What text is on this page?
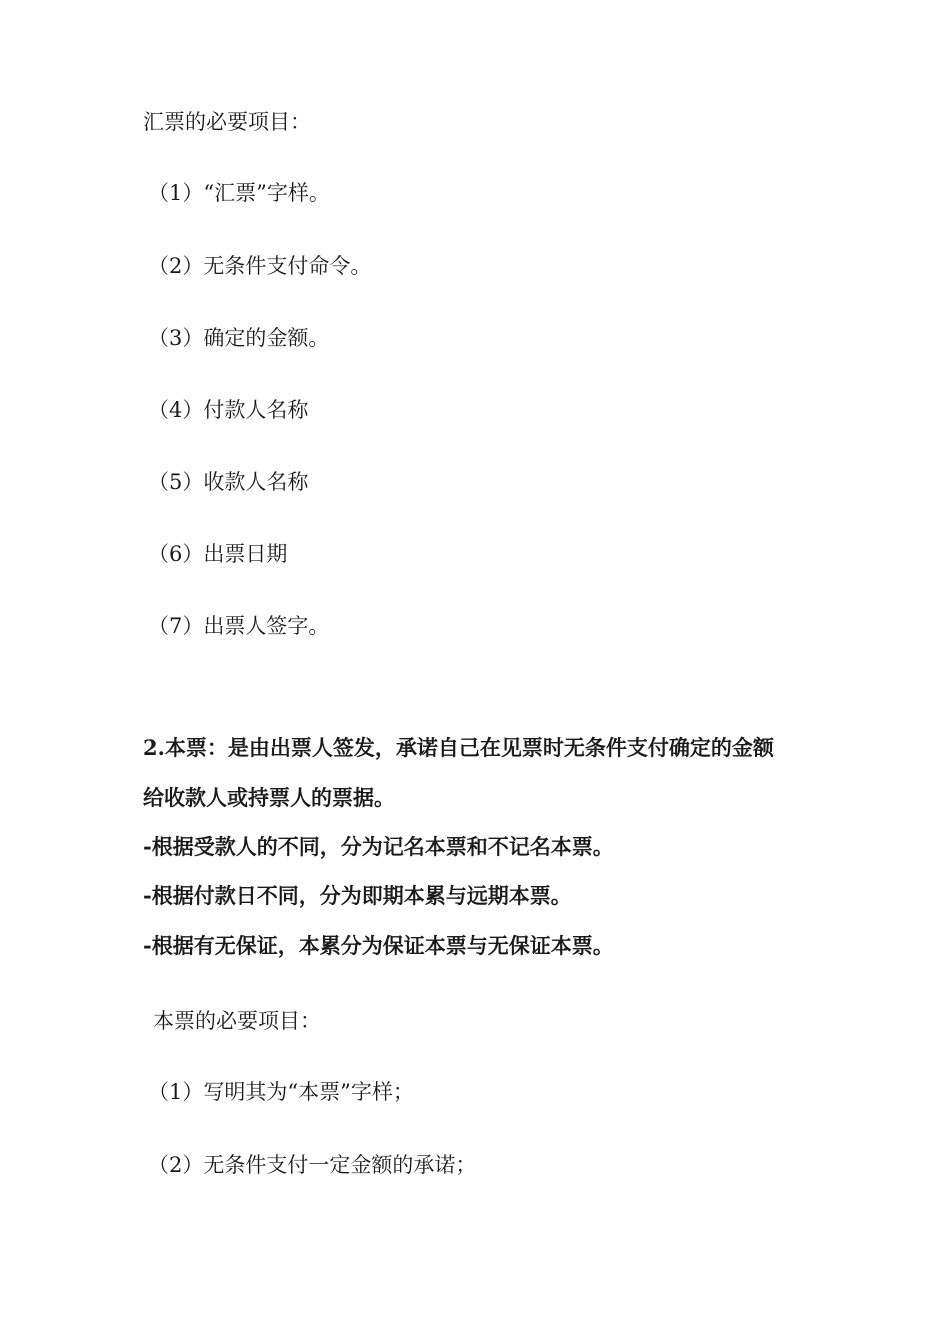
汇票的必要项目：
（1）“汇票”字样。
（2）无条件支付命令。
（3）确定的金额。
（4）付款人名称
（5）收款人名称
（6）出票日期
（7）出票人签字。
2.本票：是由出票人签发，承诺自己在见票时无条件支付确定的金额
给收款人或持票人的票据。
-根据受款人的不同，分为记名本票和不记名本票。
-根据付款日不同，分为即期本累与远期本票。
-根据有无保证，本累分为保证本票与无保证本票。
本票的必要项目：
（1）写明其为“本票”字样；
（2）无条件支付一定金额的承诺；
